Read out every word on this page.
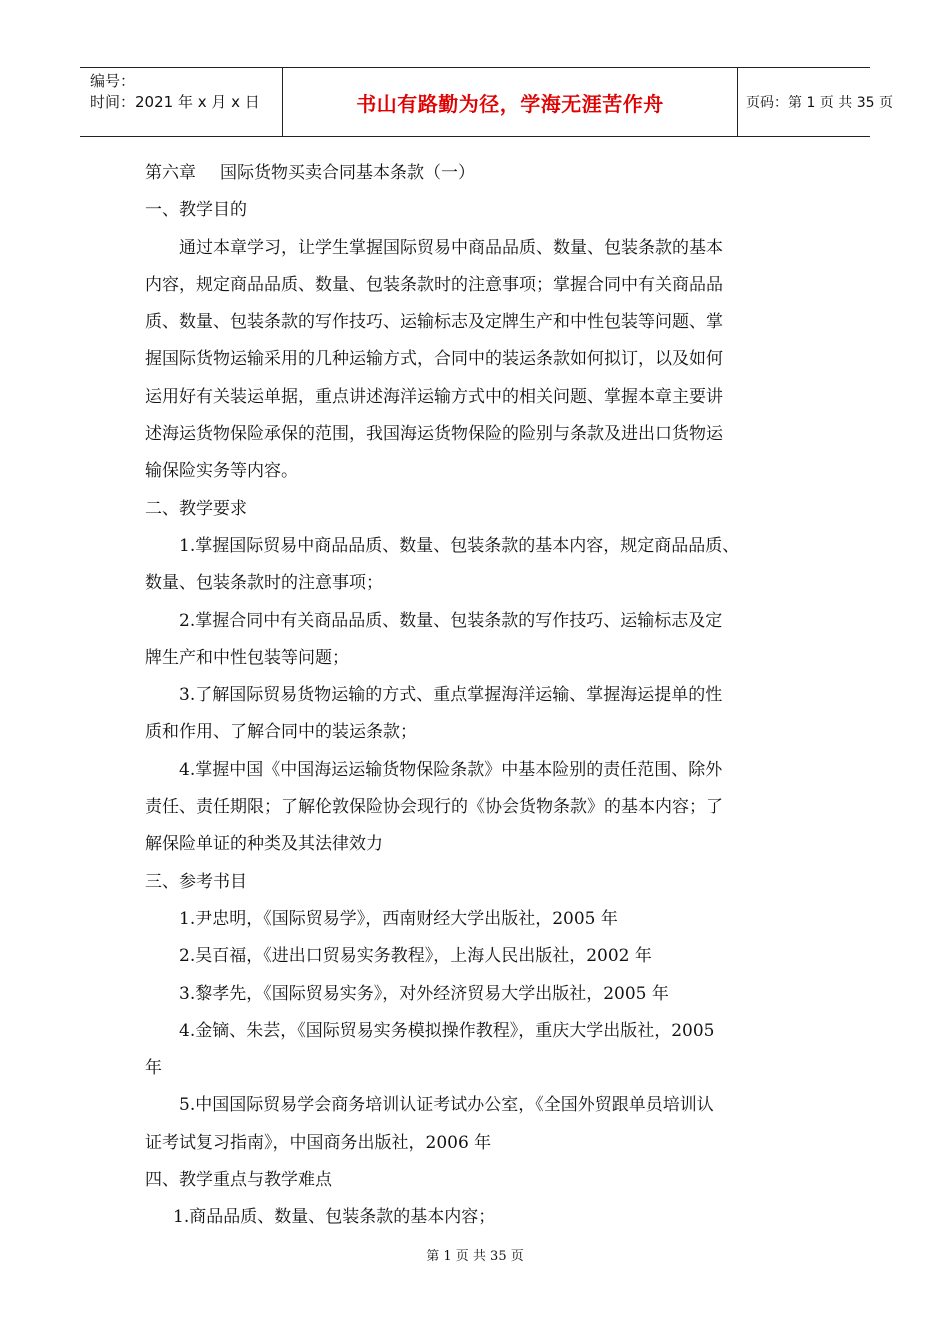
编号：
时间：2021 年 x 月 x 日	书山有路勤为径，学海无涯苦作舟	页码：第 1 页 共 35 页
第六章 国际货物买卖合同基本条款（一）
一、教学目的
通过本章学习，让学生掌握国际贸易中商品品质、数量、包装条款的基本
内容，规定商品品质、数量、包装条款时的注意事项；掌握合同中有关商品品
质、数量、包装条款的写作技巧、运输标志及定牌生产和中性包装等问题、掌
握国际货物运输采用的几种运输方式，合同中的装运条款如何拟订，以及如何
运用好有关装运单据，重点讲述海洋运输方式中的相关问题、掌握本章主要讲
述海运货物保险承保的范围，我国海运货物保险的险别与条款及进出口货物运
输保险实务等内容。
二、教学要求
1.掌握国际贸易中商品品质、数量、包装条款的基本内容，规定商品品质、
数量、包装条款时的注意事项；
2.掌握合同中有关商品品质、数量、包装条款的写作技巧、运输标志及定
牌生产和中性包装等问题；
3.了解国际贸易货物运输的方式、重点掌握海洋运输、掌握海运提单的性
质和作用、了解合同中的装运条款；
4.掌握中国《中国海运运输货物保险条款》中基本险别的责任范围、除外
责任、责任期限；了解伦敦保险协会现行的《协会货物条款》的基本内容；了
解保险单证的种类及其法律效力
三、参考书目
1.尹忠明，《国际贸易学》，西南财经大学出版社，2005 年
2.吴百福，《进出口贸易实务教程》，上海人民出版社，2002 年
3.黎孝先，《国际贸易实务》，对外经济贸易大学出版社，2005 年
4.金镝、朱芸，《国际贸易实务模拟操作教程》，重庆大学出版社，2005
年
5.中国国际贸易学会商务培训认证考试办公室，《全国外贸跟单员培训认
证考试复习指南》，中国商务出版社，2006 年
四、教学重点与教学难点
1.商品品质、数量、包装条款的基本内容；
第 1 页 共 35 页
